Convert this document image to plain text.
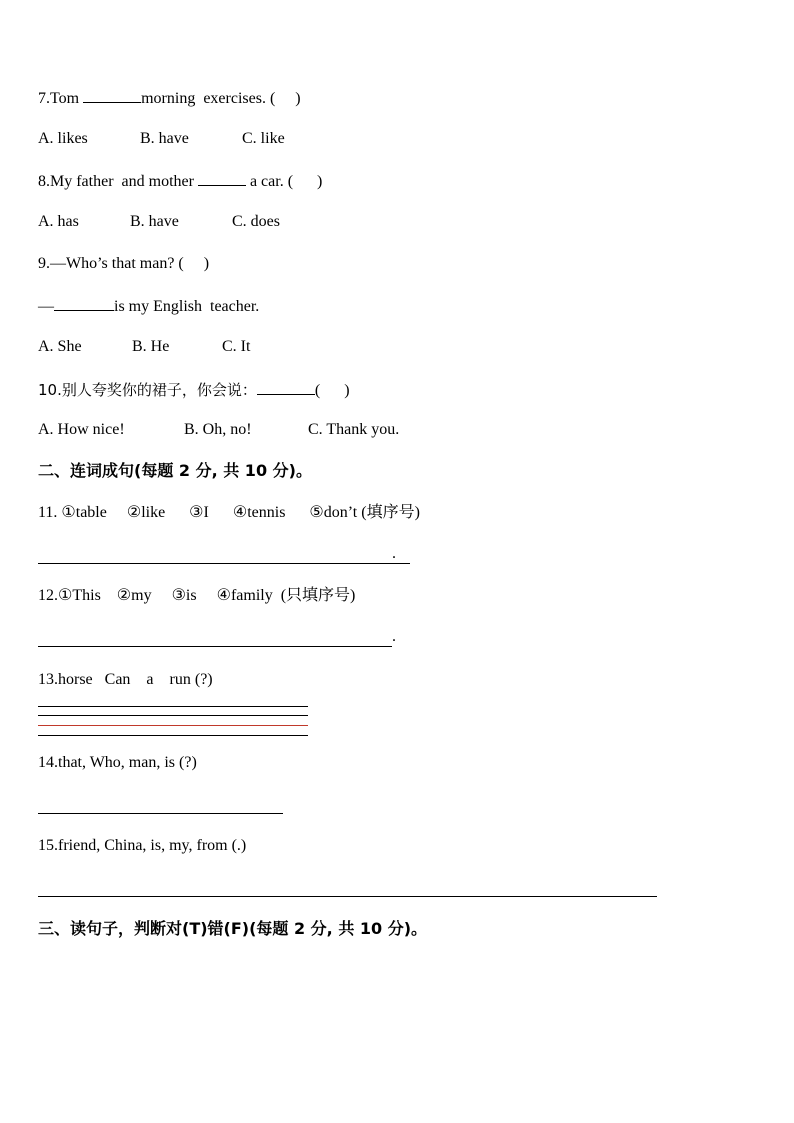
7.Tom	morning  exercises. (     )
A. likes	B. have	C. like
8.My father  and mother	a car. (      )
A. has	B. have	C. does
9.—Who’s that man? (     )
—	is my English  teacher.
A. She	B. He	C. It
10.别人夸奖你的裙子，你会说：	(      )
A. How nice!	B. Oh, no!	C. Thank you.
二、连词成句(每题 2 分, 共 10 分)。
11. ①table     ②like      ③I      ④tennis      ⑤don’t (填序号)
.
12.①This    ②my     ③is     ④family  (只填序号)
.
13.horse   Can    a    run (?)
14.that, Who, man, is (?)
15.friend, China, is, my, from (.)
三、读句子，判断对(T)错(F)(每题 2 分, 共 10 分)。
